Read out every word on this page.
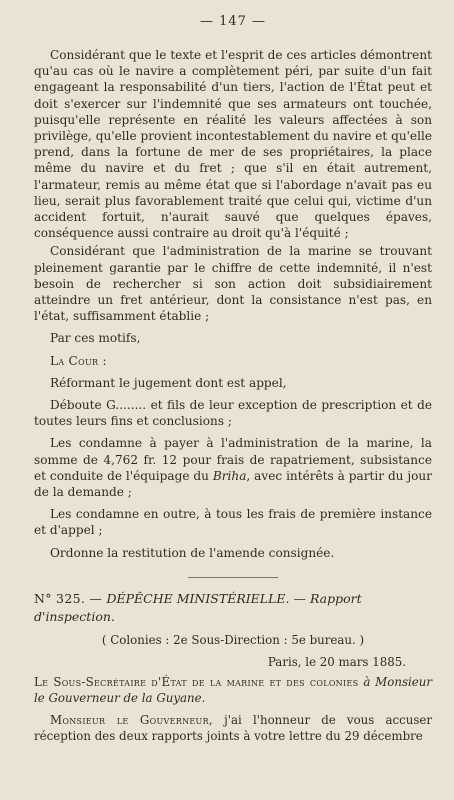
— 147 —

Considérant que le texte et l'esprit de ces articles démontrent qu'au cas où le navire a complètement péri, par suite d'un fait engageant la responsabilité d'un tiers, l'action de l'État peut et doit s'exercer sur l'indemnité que ses armateurs ont touchée, puisqu'elle représente en réalité les valeurs affectées à son privilège, qu'elle provient incontestablement du navire et qu'elle prend, dans la fortune de mer de ses propriétaires, la place même du navire et du fret ; que s'il en était autrement, l'armateur, remis au même état que si l'abordage n'avait pas eu lieu, serait plus favorablement traité que celui qui, victime d'un accident fortuit, n'aurait sauvé que quelques épaves, conséquence aussi contraire au droit qu'à l'équité ;

Considérant que l'administration de la marine se trouvant pleinement garantie par le chiffre de cette indemnité, il n'est besoin de rechercher si son action doit subsidiairement atteindre un fret antérieur, dont la consistance n'est pas, en l'état, suffisamment établie ;

Par ces motifs,

La Cour :

Réformant le jugement dont est appel,

Déboute G........ et fils de leur exception de prescription et de toutes leurs fins et conclusions ;

Les condamne à payer à l'administration de la marine, la somme de 4,762 fr. 12 pour frais de rapatriement, subsistance et conduite de l'équipage du Briha, avec intérêts à partir du jour de la demande ;

Les condamne en outre, à tous les frais de première instance et d'appel ;

Ordonne la restitution de l'amende consignée.

N° 325. — DÉPÊCHE MINISTÉRIELLE. — Rapport d'inspection.

( Colonies : 2e Sous-Direction : 5e bureau. )

Paris, le 20 mars 1885.

Le Sous-Secrétaire d'État de la marine et des colonies à Monsieur le Gouverneur de la Guyane.

Monsieur le Gouverneur, j'ai l'honneur de vous accuser réception des deux rapports joints à votre lettre du 29 décembre
